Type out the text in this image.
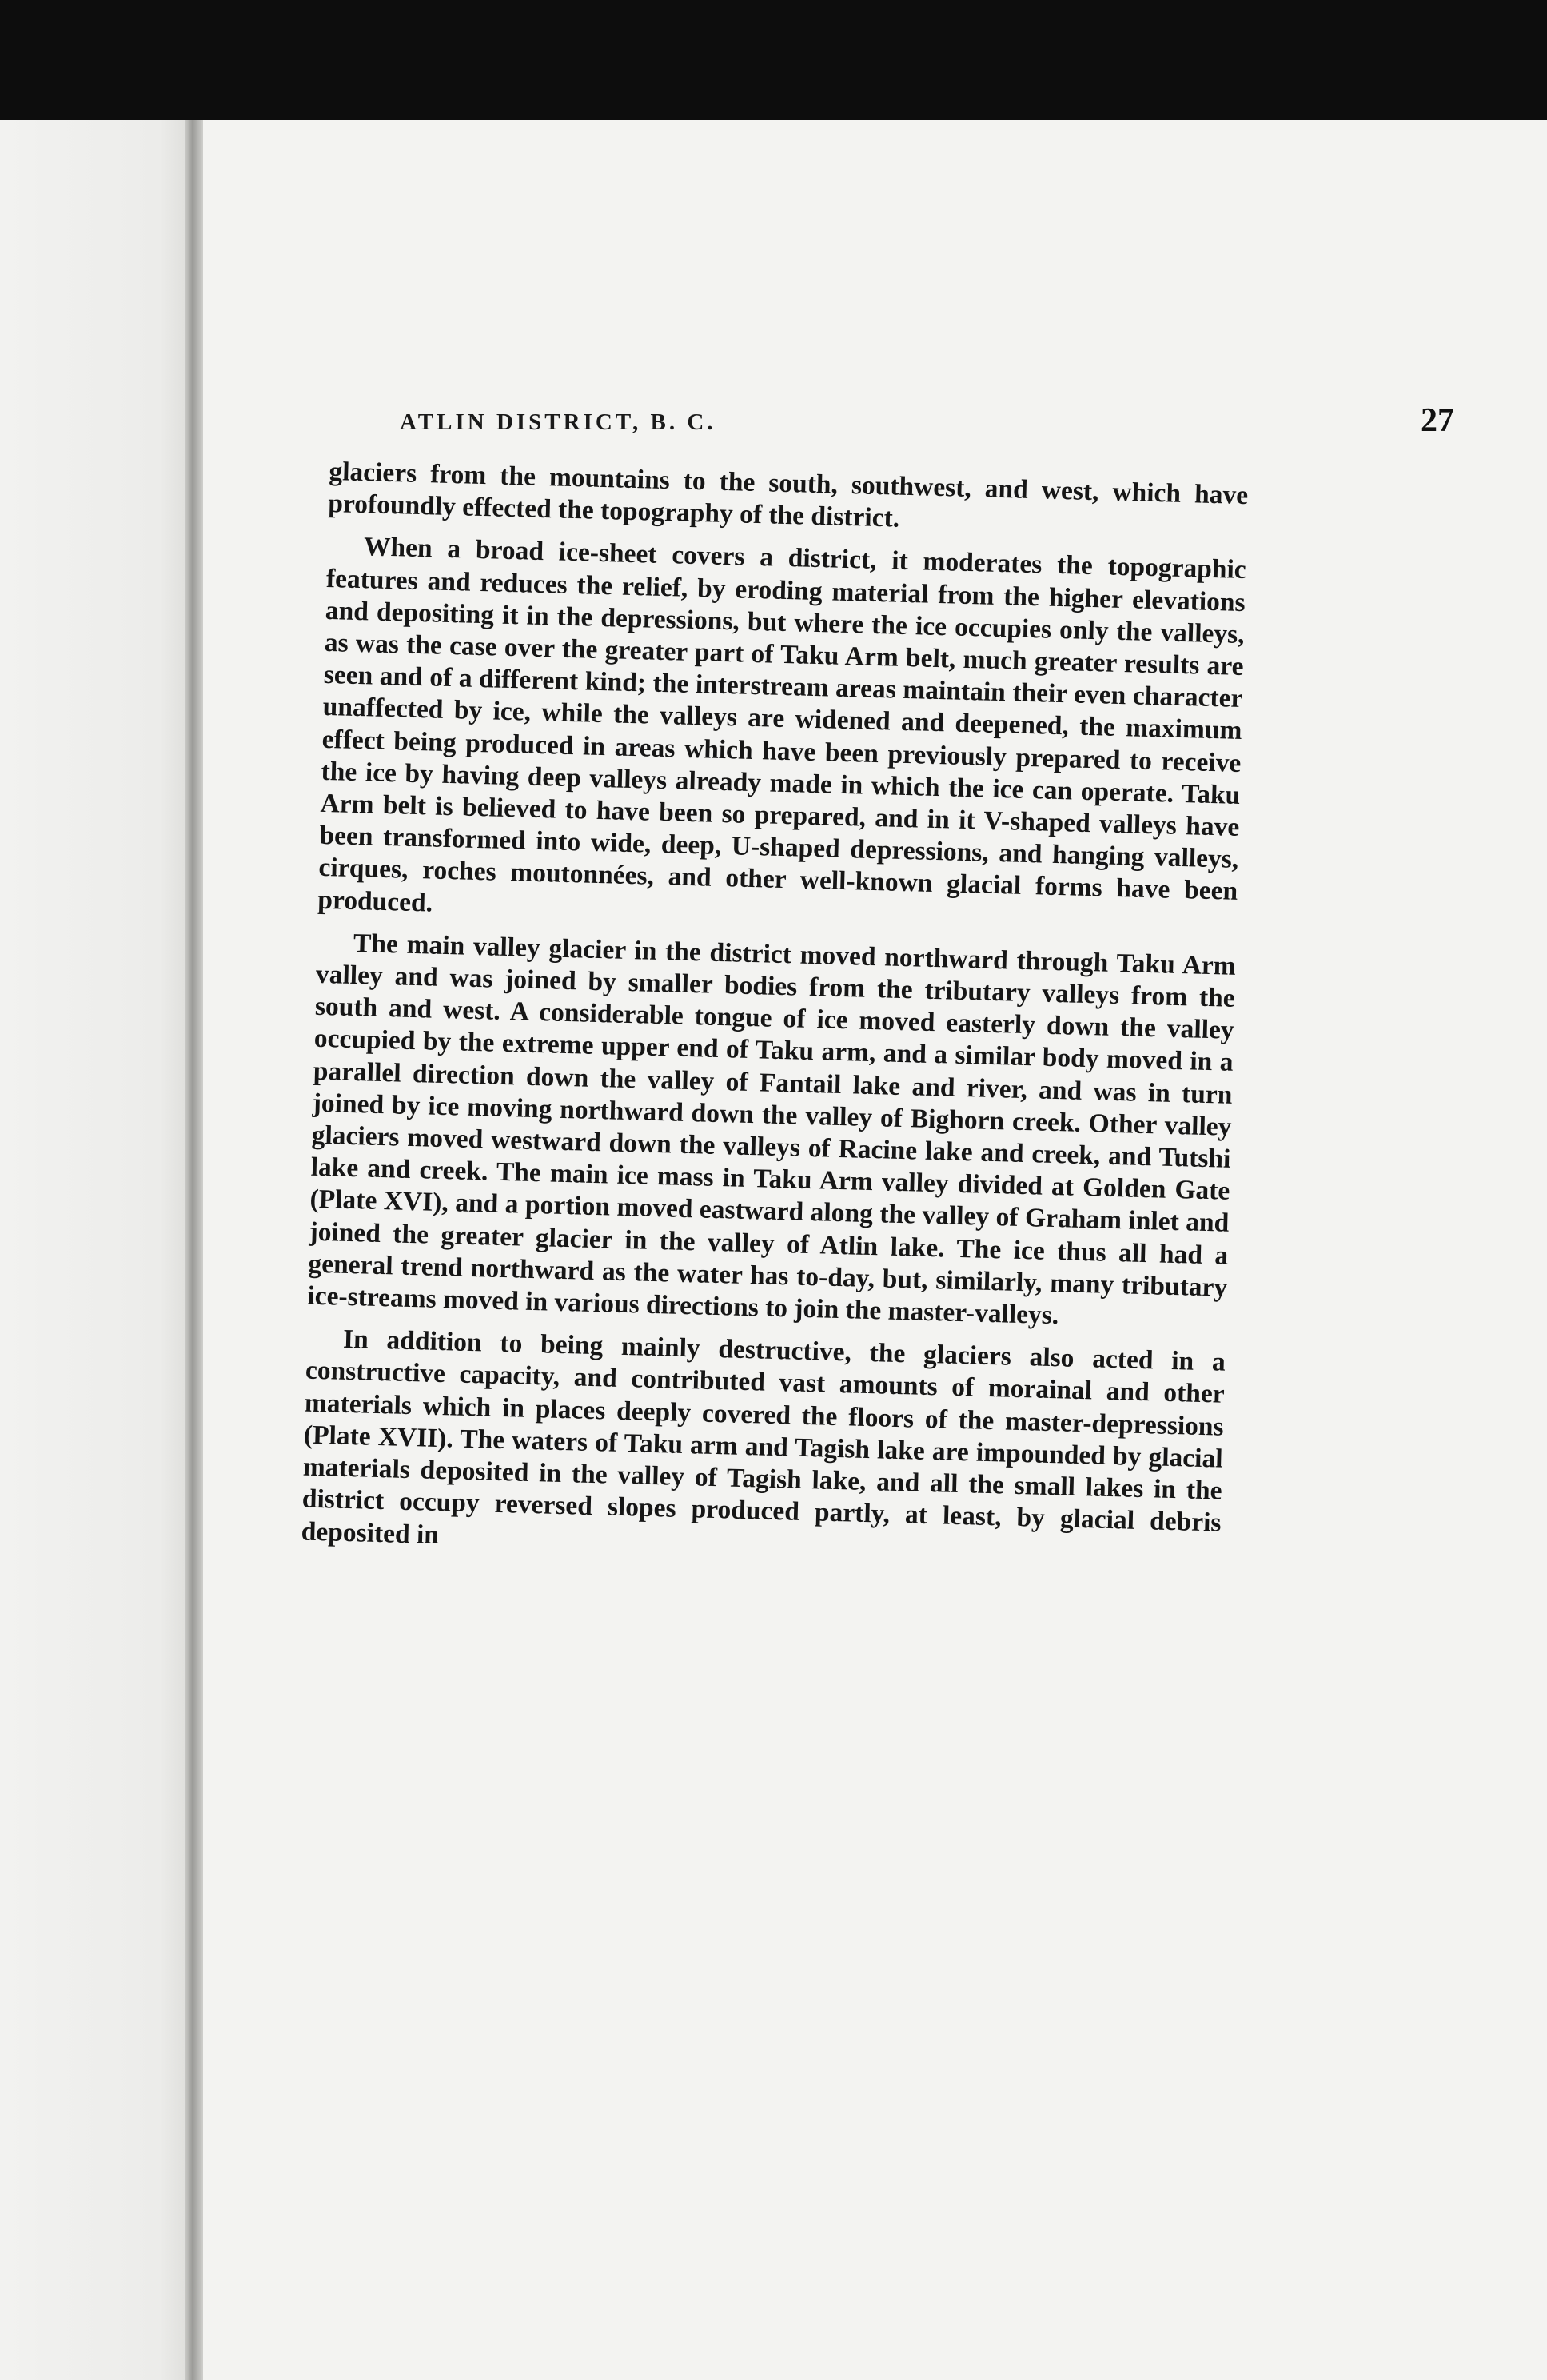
ATLIN DISTRICT, B. C.	27

glaciers from the mountains to the south, southwest, and west, which have profoundly effected the topography of the district.

When a broad ice-sheet covers a district, it moderates the topographic features and reduces the relief, by eroding material from the higher elevations and depositing it in the depressions, but where the ice occupies only the valleys, as was the case over the greater part of Taku Arm belt, much greater results are seen and of a different kind; the interstream areas maintain their even character unaffected by ice, while the valleys are widened and deepened, the maximum effect being produced in areas which have been previously prepared to receive the ice by having deep valleys already made in which the ice can operate. Taku Arm belt is believed to have been so prepared, and in it V-shaped valleys have been transformed into wide, deep, U-shaped depressions, and hanging valleys, cirques, roches moutonnées, and other well-known glacial forms have been produced.

The main valley glacier in the district moved northward through Taku Arm valley and was joined by smaller bodies from the tributary valleys from the south and west. A considerable tongue of ice moved easterly down the valley occupied by the extreme upper end of Taku arm, and a similar body moved in a parallel direction down the valley of Fantail lake and river, and was in turn joined by ice moving northward down the valley of Bighorn creek. Other valley glaciers moved westward down the valleys of Racine lake and creek, and Tutshi lake and creek. The main ice mass in Taku Arm valley divided at Golden Gate (Plate XVI), and a portion moved eastward along the valley of Graham inlet and joined the greater glacier in the valley of Atlin lake. The ice thus all had a general trend northward as the water has to-day, but, similarly, many tributary ice-streams moved in various directions to join the master-valleys.

In addition to being mainly destructive, the glaciers also acted in a constructive capacity, and contributed vast amounts of morainal and other materials which in places deeply covered the floors of the master-depressions (Plate XVII). The waters of Taku arm and Tagish lake are impounded by glacial materials deposited in the valley of Tagish lake, and all the small lakes in the district occupy reversed slopes produced partly, at least, by glacial debris deposited in
